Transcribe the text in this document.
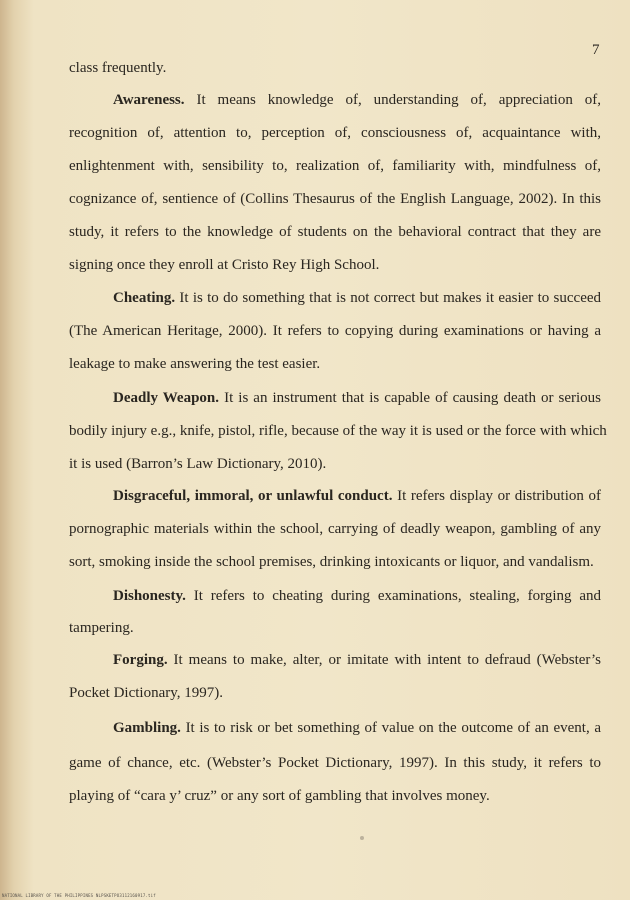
7
class frequently.
Awareness. It means knowledge of, understanding of, appreciation of,
recognition of, attention to, perception of, consciousness of, acquaintance with,
enlightenment with, sensibility to, realization of, familiarity with, mindfulness of,
cognizance of, sentience of (Collins Thesaurus of the English Language, 2002). In this
study, it refers to the knowledge of students on the behavioral contract that they are
signing once they enroll at Cristo Rey High School.
Cheating. It is to do something that is not correct but makes it easier to succeed
(The American Heritage, 2000). It refers to copying during examinations or having a
leakage to make answering the test easier.
Deadly Weapon. It is an instrument that is capable of causing death or serious
bodily injury e.g., knife, pistol, rifle, because of the way it is used or the force with which
it is used (Barron’s Law Dictionary, 2010).
Disgraceful, immoral, or unlawful conduct. It refers display or distribution of
pornographic materials within the school, carrying of deadly weapon, gambling of any
sort, smoking inside the school premises, drinking intoxicants or liquor, and vandalism.
Dishonesty. It refers to cheating during examinations, stealing, forging and
tampering.
Forging. It means to make, alter, or imitate with intent to defraud (Webster’s
Pocket Dictionary, 1997).
Gambling. It is to risk or bet something of value on the outcome of an event, a
game of chance, etc. (Webster’s Pocket Dictionary, 1997). In this study, it refers to
playing of “cara y’ cruz” or any sort of gambling that involves money.
NATIONAL LIBRARY OF THE PHILIPPINES NLPSKETPO3112160917.tif
